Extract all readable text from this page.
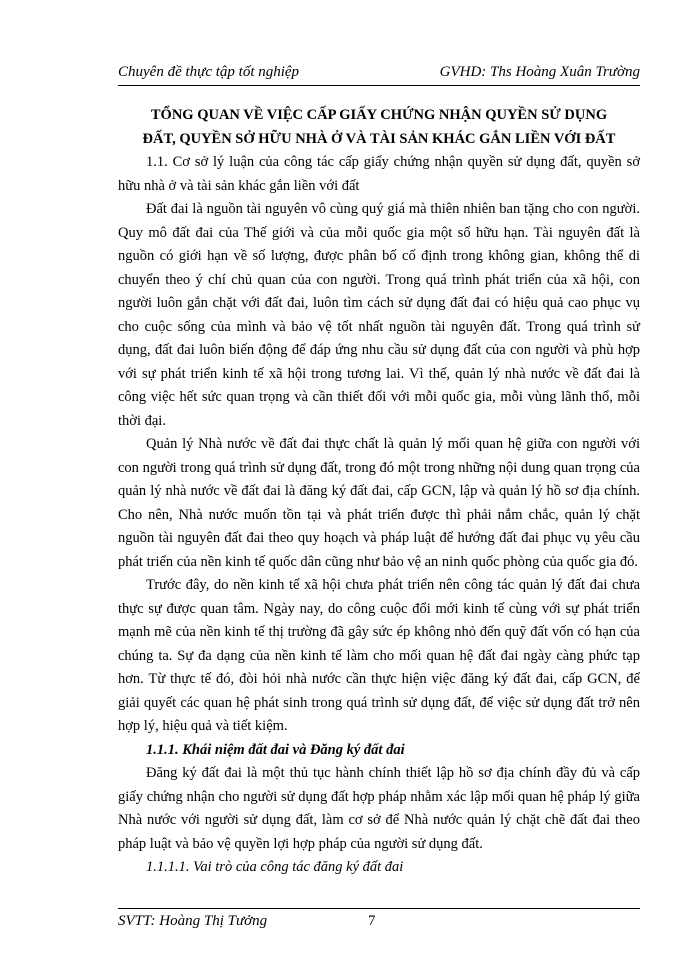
Chuyên đề thực tập tốt nghiệp	GVHD: Ths Hoàng Xuân Trường
TỔNG QUAN VỀ VIỆC CẤP GIẤY CHỨNG NHẬN QUYỀN SỬ DỤNG
ĐẤT, QUYỀN SỞ HỮU NHÀ Ở VÀ TÀI SẢN KHÁC GẮN LIỀN VỚI ĐẤT

1.1. Cơ sở lý luận của công tác cấp giấy chứng nhận quyền sử dụng đất, quyền sở hữu nhà ở và tài sản khác gắn liền với đất

Đất đai là nguồn tài nguyên vô cùng quý giá mà thiên nhiên ban tặng cho con người. Quy mô đất đai của Thế giới và của mỗi quốc gia một số hữu hạn. Tài nguyên đất là nguồn có giới hạn về số lượng, được phân bố cố định trong không gian, không thể di chuyển theo ý chí chủ quan của con người. Trong quá trình phát triển của xã hội, con người luôn gắn chặt với đất đai, luôn tìm cách sử dụng đất đai có hiệu quả cao phục vụ cho cuộc sống của mình và bảo vệ tốt nhất nguồn tài nguyên đất. Trong quá trình sử dụng, đất đai luôn biến động để đáp ứng nhu cầu sử dụng đất của con người và phù hợp với sự phát triển kinh tế xã hội trong tương lai. Vì thế, quản lý nhà nước về đất đai là công việc hết sức quan trọng và cần thiết đối với mỗi quốc gia, mỗi vùng lãnh thổ, mỗi thời đại.

Quản lý Nhà nước về đất đai thực chất là quản lý mối quan hệ giữa con người với con người trong quá trình sử dụng đất, trong đó một trong những nội dung quan trọng của quản lý nhà nước về đất đai là đăng ký đất đai, cấp GCN, lập và quản lý hồ sơ địa chính. Cho nên, Nhà nước muốn tồn tại và phát triển được thì phải nắm chắc, quản lý chặt nguồn tài nguyên đất đai theo quy hoạch và pháp luật để hướng đất đai phục vụ yêu cầu phát triển của nền kinh tế quốc dân cũng như bảo vệ an ninh quốc phòng của quốc gia đó.

Trước đây, do nền kinh tế xã hội chưa phát triển nên công tác quản lý đất đai chưa thực sự được quan tâm. Ngày nay, do công cuộc đổi mới kinh tế cùng với sự phát triển mạnh mẽ của nền kinh tế thị trường đã gây sức ép không nhỏ đến quỹ đất vốn có hạn của chúng ta. Sự đa dạng của nền kinh tế làm cho mối quan hệ đất đai ngày càng phức tạp hơn. Từ thực tế đó, đòi hỏi nhà nước cần thực hiện việc đăng ký đất đai, cấp GCN, để giải quyết các quan hệ phát sinh trong quá trình sử dụng đất, để việc sử dụng đất trở nên hợp lý, hiệu quả và tiết kiệm.

1.1.1. Khái niệm đất đai và Đăng ký đất đai

Đăng ký đất đai là một thủ tục hành chính thiết lập hồ sơ địa chính đầy đủ và cấp giấy chứng nhận cho người sử dụng đất hợp pháp nhằm xác lập mối quan hệ pháp lý giữa Nhà nước với người sử dụng đất, làm cơ sở để Nhà nước quản lý chặt chẽ đất đai theo pháp luật và bảo vệ quyền lợi hợp pháp của người sử dụng đất.

1.1.1.1. Vai trò của công tác đăng ký đất đai
SVTT: Hoàng Thị Tưởng	7
